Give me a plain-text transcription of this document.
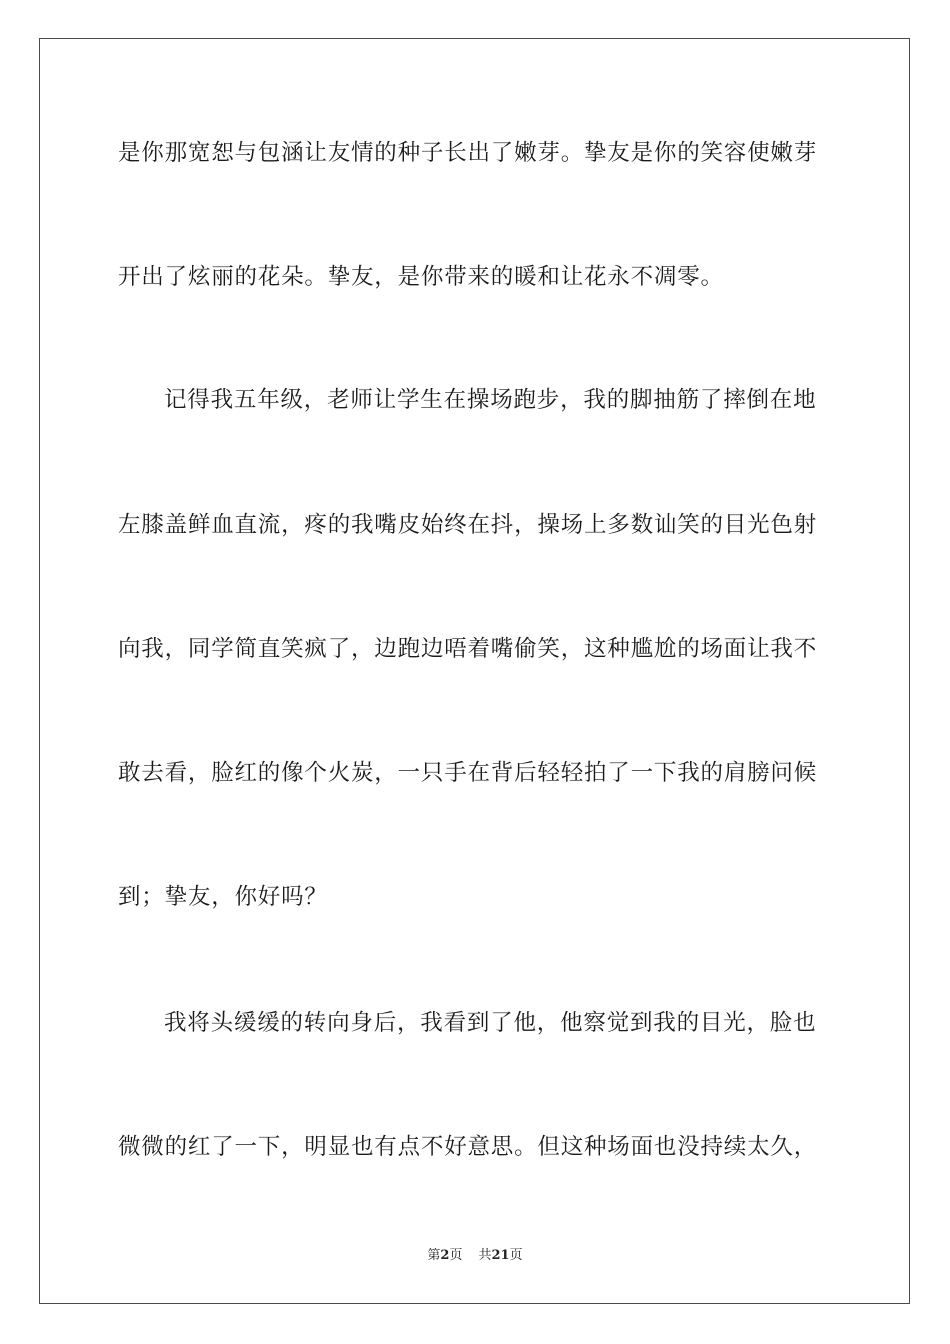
是你那宽恕与包涵让友情的种子长出了嫩芽。挚友是你的笑容使嫩芽
开出了炫丽的花朵。挚友，是你带来的暖和让花永不凋零。
记得我五年级，老师让学生在操场跑步，我的脚抽筋了摔倒在地
左膝盖鲜血直流，疼的我嘴皮始终在抖，操场上多数讪笑的目光色射
向我，同学简直笑疯了，边跑边唔着嘴偷笑，这种尴尬的场面让我不
敢去看，脸红的像个火炭，一只手在背后轻轻拍了一下我的肩膀问候
到；挚友，你好吗？
我将头缓缓的转向身后，我看到了他，他察觉到我的目光，脸也
微微的红了一下，明显也有点不好意思。但这种场面也没持续太久，
第2页 共21页
